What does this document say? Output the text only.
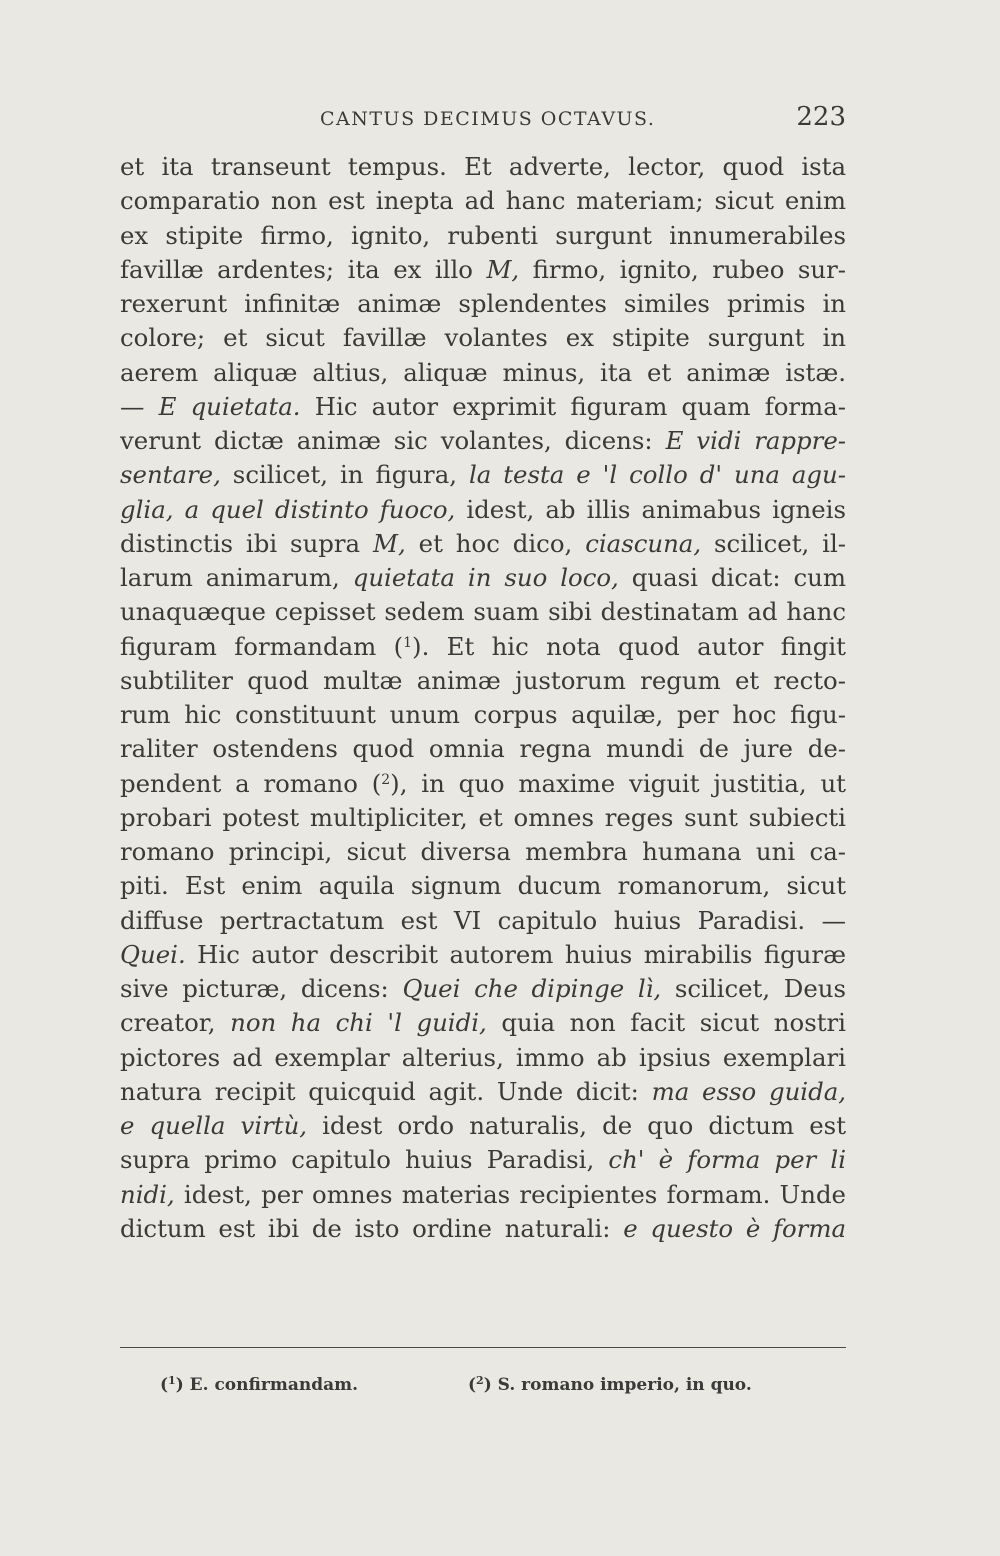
CANTUS DECIMUS OCTAVUS.	223
et ita transeunt tempus. Et adverte, lector, quod ista
comparatio non est inepta ad hanc materiam; sicut enim
ex stipite firmo, ignito, rubenti surgunt innumerabiles
favillæ ardentes; ita ex illo M, firmo, ignito, rubeo sur-
rexerunt infinitæ animæ splendentes similes primis in
colore; et sicut favillæ volantes ex stipite surgunt in
aerem aliquæ altius, aliquæ minus, ita et animæ istæ.
— E quietata. Hic autor exprimit figuram quam forma-
verunt dictæ animæ sic volantes, dicens: E vidi rappre-
sentare, scilicet, in figura, la testa e 'l collo d' una agu-
glia, a quel distinto fuoco, idest, ab illis animabus igneis
distinctis ibi supra M, et hoc dico, ciascuna, scilicet, il-
larum animarum, quietata in suo loco, quasi dicat: cum
unaquæque cepisset sedem suam sibi destinatam ad hanc
figuram formandam ($^1$). Et hic nota quod autor fingit
subtiliter quod multæ animæ justorum regum et recto-
rum hic constituunt unum corpus aquilæ, per hoc figu-
raliter ostendens quod omnia regna mundi de jure de-
pendent a romano ($^2$), in quo maxime viguit justitia, ut
probari potest multipliciter, et omnes reges sunt subiecti
romano principi, sicut diversa membra humana uni ca-
piti. Est enim aquila signum ducum romanorum, sicut
diffuse pertractatum est VI capitulo huius Paradisi. —
Quei. Hic autor describit autorem huius mirabilis figuræ
sive picturæ, dicens: Quei che dipinge lì, scilicet, Deus
creator, non ha chi 'l guidi, quia non facit sicut nostri
pictores ad exemplar alterius, immo ab ipsius exemplari
natura recipit quicquid agit. Unde dicit: ma esso guida,
e quella virtù, idest ordo naturalis, de quo dictum est
supra primo capitulo huius Paradisi, ch' è forma per li
nidi, idest, per omnes materias recipientes formam. Unde
dictum est ibi de isto ordine naturali: e questo è forma
($^1$) E. confirmandam.	($^2$) S. romano imperio, in quo.
